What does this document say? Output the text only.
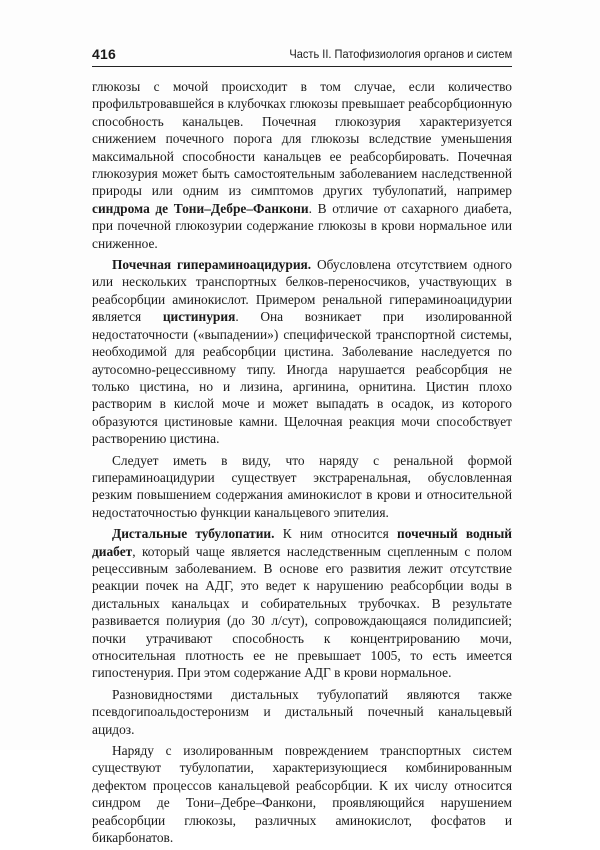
416	Часть II. Патофизиология органов и систем

глюкозы с мочой происходит в том случае, если количество профильтровавшейся в клубочках глюкозы превышает реабсорбционную способность канальцев. Почечная глюкозурия характеризуется снижением почечного порога для глюкозы вследствие уменьшения максимальной способности канальцев ее реабсорбировать. Почечная глюкозурия может быть самостоятельным заболеванием наследственной природы или одним из симптомов других тубулопатий, например синдрома де Тони–Дебре–Фанкони. В отличие от сахарного диабета, при почечной глюкозурии содержание глюкозы в крови нормальное или сниженное.

Почечная гипераминоацидурия. Обусловлена отсутствием одного или нескольких транспортных белков-переносчиков, участвующих в реабсорбции аминокислот. Примером ренальной гипераминоацидурии является цистинурия. Она возникает при изолированной недостаточности («выпадении») специфической транспортной системы, необходимой для реабсорбции цистина. Заболевание наследуется по аутосомно-рецессивному типу. Иногда нарушается реабсорбция не только цистина, но и лизина, аргинина, орнитина. Цистин плохо растворим в кислой моче и может выпадать в осадок, из которого образуются цистиновые камни. Щелочная реакция мочи способствует растворению цистина.

Следует иметь в виду, что наряду с ренальной формой гипераминоацидурии существует экстраренальная, обусловленная резким повышением содержания аминокислот в крови и относительной недостаточностью функции канальцевого эпителия.

Дистальные тубулопатии. К ним относится почечный водный диабет, который чаще является наследственным сцепленным с полом рецессивным заболеванием. В основе его развития лежит отсутствие реакции почек на АДГ, это ведет к нарушению реабсорбции воды в дистальных канальцах и собирательных трубочках. В результате развивается полиурия (до 30 л/сут), сопровождающаяся полидипсией; почки утрачивают способность к концентрированию мочи, относительная плотность ее не превышает 1005, то есть имеется гипостенурия. При этом содержание АДГ в крови нормальное.

Разновидностями дистальных тубулопатий являются также псевдогипоальдостеронизм и дистальный почечный канальцевый ацидоз.

Наряду с изолированным повреждением транспортных систем существуют тубулопатии, характеризующиеся комбинированным дефектом процессов канальцевой реабсорбции. К их числу относится синдром де Тони–Дебре–Фанкони, проявляющийся нарушением реабсорбции глюкозы, различных аминокислот, фосфатов и бикарбонатов.
